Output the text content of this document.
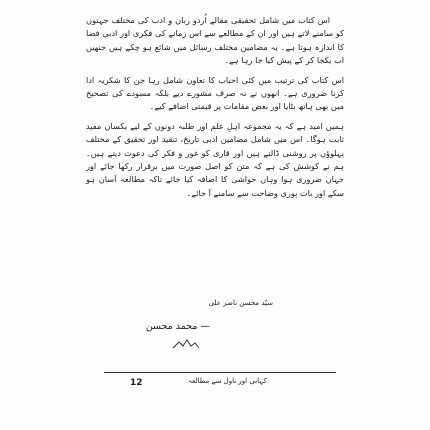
اس کتاب میں شامل تحقیقی مقالے اُردو زبان و ادب کی مختلف جہتوں کو سامنے لاتے ہیں اور ان کے مطالعے سے اس زمانے کی فکری اور ادبی فضا کا اندازہ ہوتا ہے۔ یہ مضامین مختلف رسائل میں شائع ہو چکے ہیں جنھیں اب یکجا کر کے پیش کیا جا رہا ہے۔

اس کتاب کی ترتیب میں کئی احباب کا تعاون شامل رہا جن کا شکریہ ادا کرنا ضروری ہے۔ انھوں نے نہ صرف مشورے دیے بلکہ مسودے کی تصحیح میں بھی ہاتھ بٹایا اور بعض مقامات پر قیمتی اضافے کیے۔

ہمیں امید ہے کہ یہ مجموعہ اہلِ علم اور طلبہ دونوں کے لیے یکساں مفید ثابت ہوگا۔ اس میں شامل مضامین ادبی تاریخ، تنقید اور تحقیق کے مختلف پہلوؤں پر روشنی ڈالتے ہیں اور قاری کو غور و فکر کی دعوت دیتے ہیں۔ ہم نے کوشش کی ہے کہ متن کو اصل صورت میں برقرار رکھا جائے اور جہاں ضروری ہوا وہاں حواشی کا اضافہ کیا جائے تاکہ مطالعہ آسان ہو سکے اور بات پوری وضاحت سے سامنے آ جائے۔

سیّد محسن ناصر علی
— محمد محسن
12	کہانی اور ناول سے مطالعہ
